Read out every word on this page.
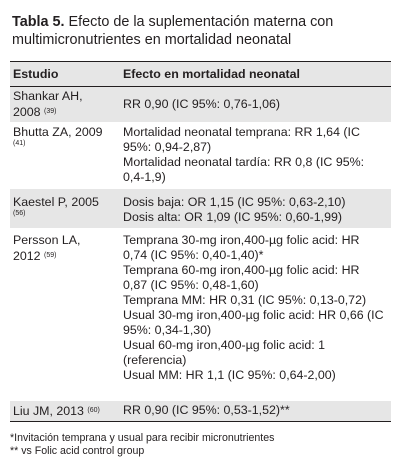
Tabla 5. Efecto de la suplementación materna con multimicronutrientes en mortalidad neonatal
Estudio	Efecto en mortalidad neonatal
Shankar AH,
2008 $^{(39)}$
RR 0,90 (IC 95%: 0,76-1,06)
Bhutta ZA, 2009
(41)
Mortalidad neonatal temprana: RR 1,64 (IC 95%: 0,94-2,87)
Mortalidad neonatal tardía: RR 0,8 (IC 95%: 0,4-1,9)
Kaestel P, 2005
(56)
Dosis baja: OR 1,15 (IC 95%: 0,63-2,10)
Dosis alta: OR 1,09 (IC 95%: 0,60-1,99)
Persson LA,
2012 $^{(59)}$
Temprana 30-mg iron,400-µg folic acid: HR 0,74 (IC 95%: 0,40-1,40)*
Temprana 60-mg iron,400-µg folic acid: HR 0,87 (IC 95%: 0,48-1,60)
Temprana MM: HR 0,31 (IC 95%: 0,13-0,72)
Usual 30-mg iron,400-µg folic acid: HR 0,66 (IC 95%: 0,34-1,30)
Usual 60-mg iron,400-µg folic acid: 1 (referencia)
Usual MM: HR 1,1 (IC 95%: 0,64-2,00)
Liu JM, 2013 $^{(60)}$	RR 0,90 (IC 95%: 0,53-1,52)**
*Invitación temprana y usual para recibir micronutrientes
** vs Folic acid control group
